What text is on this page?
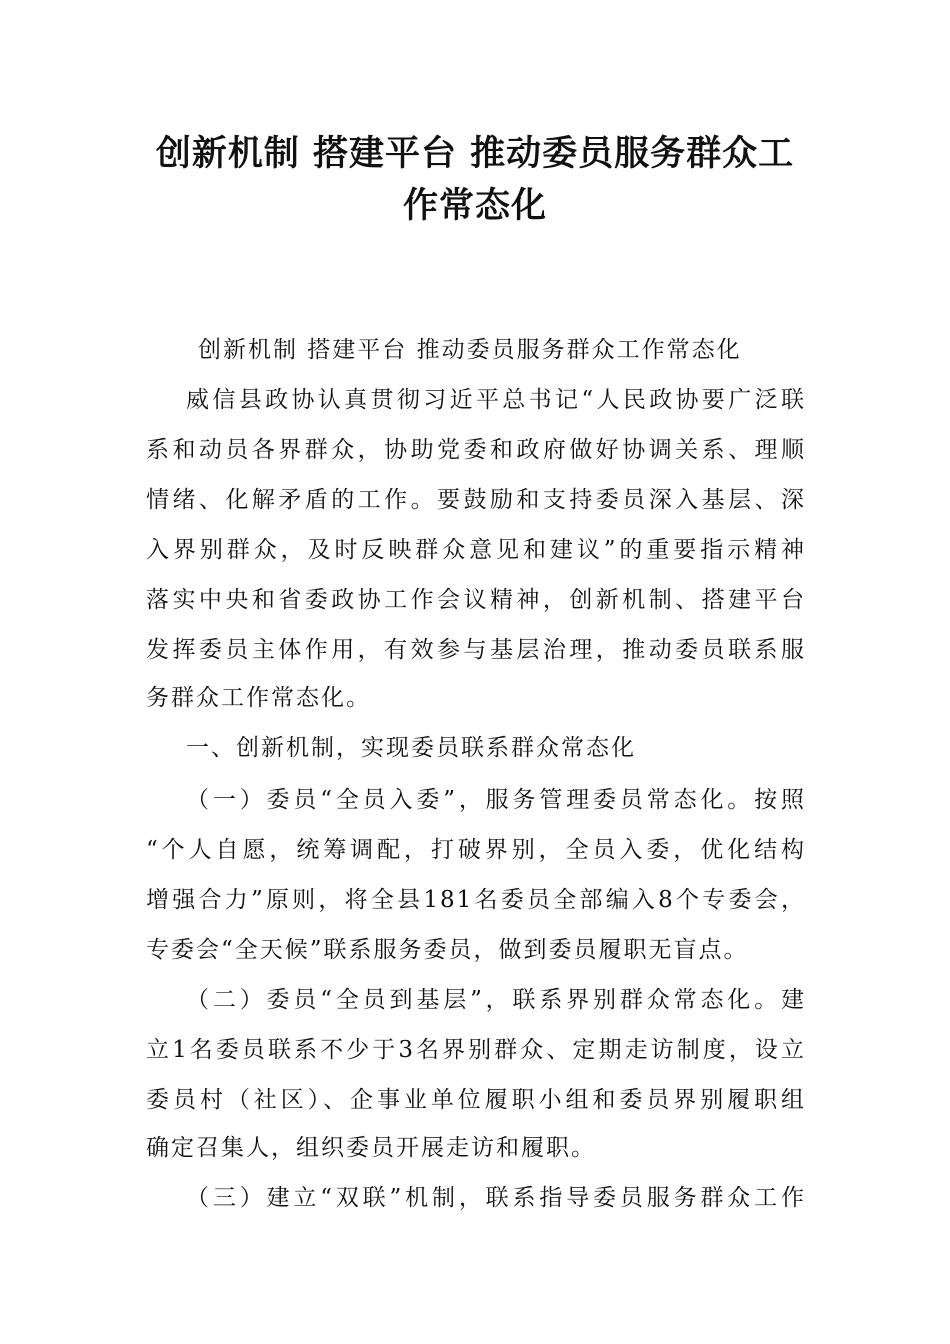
创新机制 搭建平台 推动委员服务群众工
作常态化
创新机制 搭建平台 推动委员服务群众工作常态化
威信县政协认真贯彻习近平总书记“人民政协要广泛联
系和动员各界群众，协助党委和政府做好协调关系、理顺
情绪、化解矛盾的工作。要鼓励和支持委员深入基层、深
入界别群众，及时反映群众意见和建议”的重要指示精神
落实中央和省委政协工作会议精神，创新机制、搭建平台
发挥委员主体作用，有效参与基层治理，推动委员联系服
务群众工作常态化。
一、创新机制，实现委员联系群众常态化
（一）委员“全员入委”，服务管理委员常态化。按照
“个人自愿，统筹调配，打破界别，全员入委，优化结构
增强合力”原则，将全县181名委员全部编入8个专委会，
专委会“全天候”联系服务委员，做到委员履职无盲点。
（二）委员“全员到基层”，联系界别群众常态化。建
立1名委员联系不少于3名界别群众、定期走访制度，设立
委员村（社区）、企事业单位履职小组和委员界别履职组
确定召集人，组织委员开展走访和履职。
（三）建立“双联”机制，联系指导委员服务群众工作
